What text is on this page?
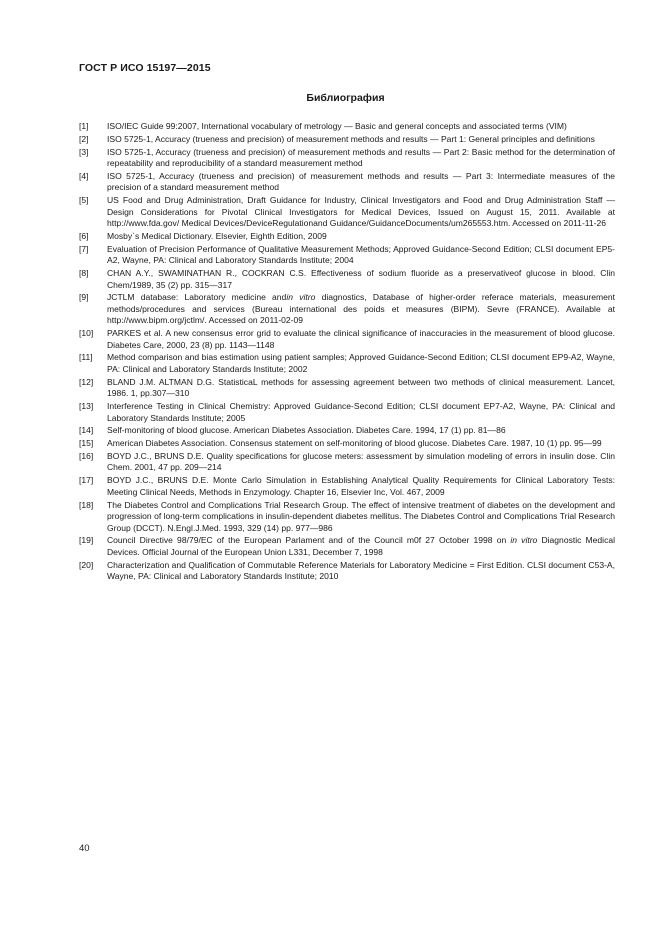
ГОСТ Р ИСО 15197—2015
Библиография
[1]	ISO/IEC Guide 99:2007, International vocabulary of metrology — Basic and general concepts and associated terms (VIM)
[2]	ISO 5725-1, Accuracy (trueness and precision) of measurement methods and results — Part 1: General principles and definitions
[3]	ISO 5725-1, Accuracy (trueness and precision) of measurement methods and results — Part 2: Basic method for the determination of repeatability and reproducibility of a standard measurement method
[4]	ISO 5725-1, Accuracy (trueness and precision) of measurement methods and results — Part 3: Intermediate measures of the precision of a standard measurement method
[5]	US Food and Drug Administration, Draft Guidance for Industry, Clinical Investigators and Food and Drug Administration Staff — Design Considerations for Pivotal Clinical Investigators for Medical Devices, Issued on August 15, 2011. Available at http://www.fda.gov/ Medical Devices/DeviceRegulationand Guidance/GuidanceDocuments/um265553.htm. Accessed on 2011-11-26
[6]	Mosby`s Medical Dictionary. Elsevier, Eighth Edition, 2009
[7]	Evaluation of Precision Performance of Qualitative Measurement Methods; Approved Guidance-Second Edition; CLSI document EP5-A2, Wayne, PA: Clinical and Laboratory Standards Institute; 2004
[8]	CHAN A.Y., SWAMINATHAN R., COCKRAN C.S. Effectiveness of sodium fluoride as a preservativeof glucose in blood. Clin Chem/1989, 35 (2) pp. 315—317
[9]	JCTLM database: Laboratory medicine andin vitro diagnostics, Database of higher-order referace materials, measurement methods/procedures and services (Bureau international des poids et measures (BIPM). Sevre (FRANCE). Available at http://www.bipm.org/jctlm/. Accessed on 2011-02-09
[10]	PARKES et al. A new consensus error grid to evaluate the clinical significance of inaccuracies in the measurement of blood glucose. Diabetes Care, 2000, 23 (8) pp. 1143—1148
[11]	Method comparison and bias estimation using patient samples; Approved Guidance-Second Edition; CLSI document EP9-A2, Wayne, PA: Clinical and Laboratory Standards Institute; 2002
[12]	BLAND J.M. ALTMAN D.G. StatisticaL methods for assessing agreement between two methods of clinical measurement. Lancet, 1986. 1, pp.307—310
[13]	Interference Testing in Clinical Chemistry: Approved Guidance-Second Edition; CLSI document EP7-A2, Wayne, PA: Clinical and Laboratory Standards Institute; 2005
[14]	Self-monitoring of blood glucose. American Diabetes Association. Diabetes Care. 1994, 17 (1) pp. 81—86
[15]	American Diabetes Association. Consensus statement on self-monitoring of blood glucose. Diabetes Care. 1987, 10 (1) pp. 95—99
[16]	BOYD J.C., BRUNS D.E. Quality specifications for glucose meters: assessment by simulation modeling of errors in insulin dose. Clin Chem. 2001, 47 pp. 209—214
[17]	BOYD J.C., BRUNS D.E. Monte Carlo Simulation in Establishing Analytical Quality Requirements for Clinical Laboratory Tests: Meeting Clinical Needs, Methods in Enzymology. Chapter 16, Elsevier Inc, Vol. 467, 2009
[18]	The Diabetes Control and Complications Trial Research Group. The effect of intensive treatment of diabetes on the development and progression of long-term complications in insulin-dependent diabetes mellitus. The Diabetes Control and Complications Trial Research Group (DCCT). N.Engl.J.Med. 1993, 329 (14) pp. 977—986
[19]	Council Directive 98/79/EC of the European Parlament and of the Council m0f 27 October 1998 on in vitro Diagnostic Medical Devices. Official Journal of the European Union L331, December 7, 1998
[20]	Characterization and Qualification of Commutable Reference Materials for Laboratory Medicine = First Edition. CLSI document C53-A, Wayne, PA: Clinical and Laboratory Standards Institute; 2010
40
